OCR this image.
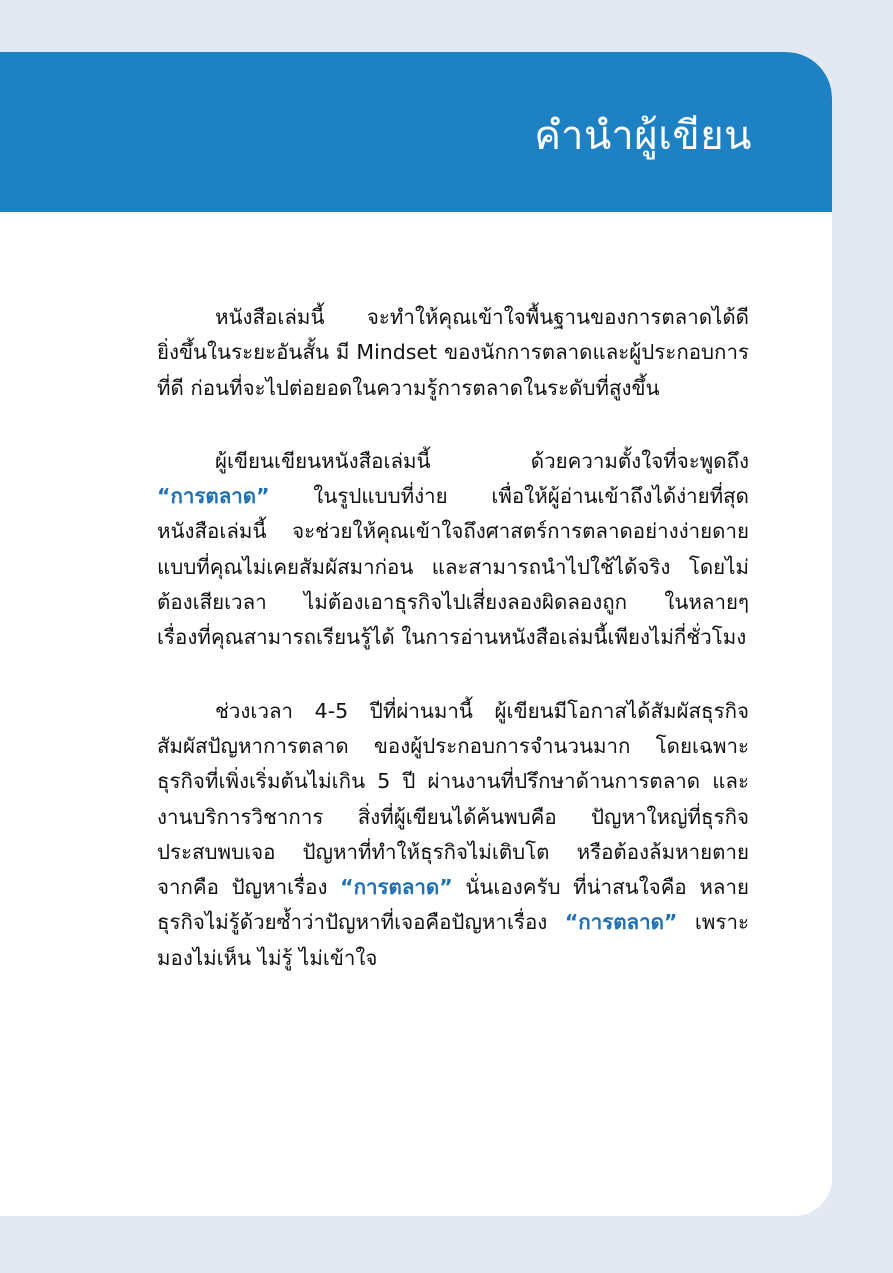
คำนำผู้เขียน

หนังสือเล่มนี้ จะทำให้คุณเข้าใจพื้นฐานของการตลาดได้ดี
ยิ่งขึ้นในระยะอันสั้น มี Mindset ของนักการตลาดและผู้ประกอบการ
ที่ดี ก่อนที่จะไปต่อยอดในความรู้การตลาดในระดับที่สูงขึ้น

ผู้เขียนเขียนหนังสือเล่มนี้ ด้วยความตั้งใจที่จะพูดถึง
“การตลาด” ในรูปแบบที่ง่าย เพื่อให้ผู้อ่านเข้าถึงได้ง่ายที่สุด
หนังสือเล่มนี้ จะช่วยให้คุณเข้าใจถึงศาสตร์การตลาดอย่างง่ายดาย
แบบที่คุณไม่เคยสัมผัสมาก่อน และสามารถนำไปใช้ได้จริง โดยไม่
ต้องเสียเวลา ไม่ต้องเอาธุรกิจไปเสี่ยงลองผิดลองถูก ในหลายๆ
เรื่องที่คุณสามารถเรียนรู้ได้ ในการอ่านหนังสือเล่มนี้เพียงไม่กี่ชั่วโมง

ช่วงเวลา 4-5 ปีที่ผ่านมานี้ ผู้เขียนมีโอกาสได้สัมผัสธุรกิจ
สัมผัสปัญหาการตลาด ของผู้ประกอบการจำนวนมาก โดยเฉพาะ
ธุรกิจที่เพิ่งเริ่มต้นไม่เกิน 5 ปี ผ่านงานที่ปรึกษาด้านการตลาด และ
งานบริการวิชาการ สิ่งที่ผู้เขียนได้ค้นพบคือ ปัญหาใหญ่ที่ธุรกิจ
ประสบพบเจอ ปัญหาที่ทำให้ธุรกิจไม่เติบโต หรือต้องล้มหายตาย
จากคือ ปัญหาเรื่อง “การตลาด” นั่นเองครับ ที่น่าสนใจคือ หลาย
ธุรกิจไม่รู้ด้วยซ้ำว่าปัญหาที่เจอคือปัญหาเรื่อง “การตลาด” เพราะ
มองไม่เห็น ไม่รู้ ไม่เข้าใจ
